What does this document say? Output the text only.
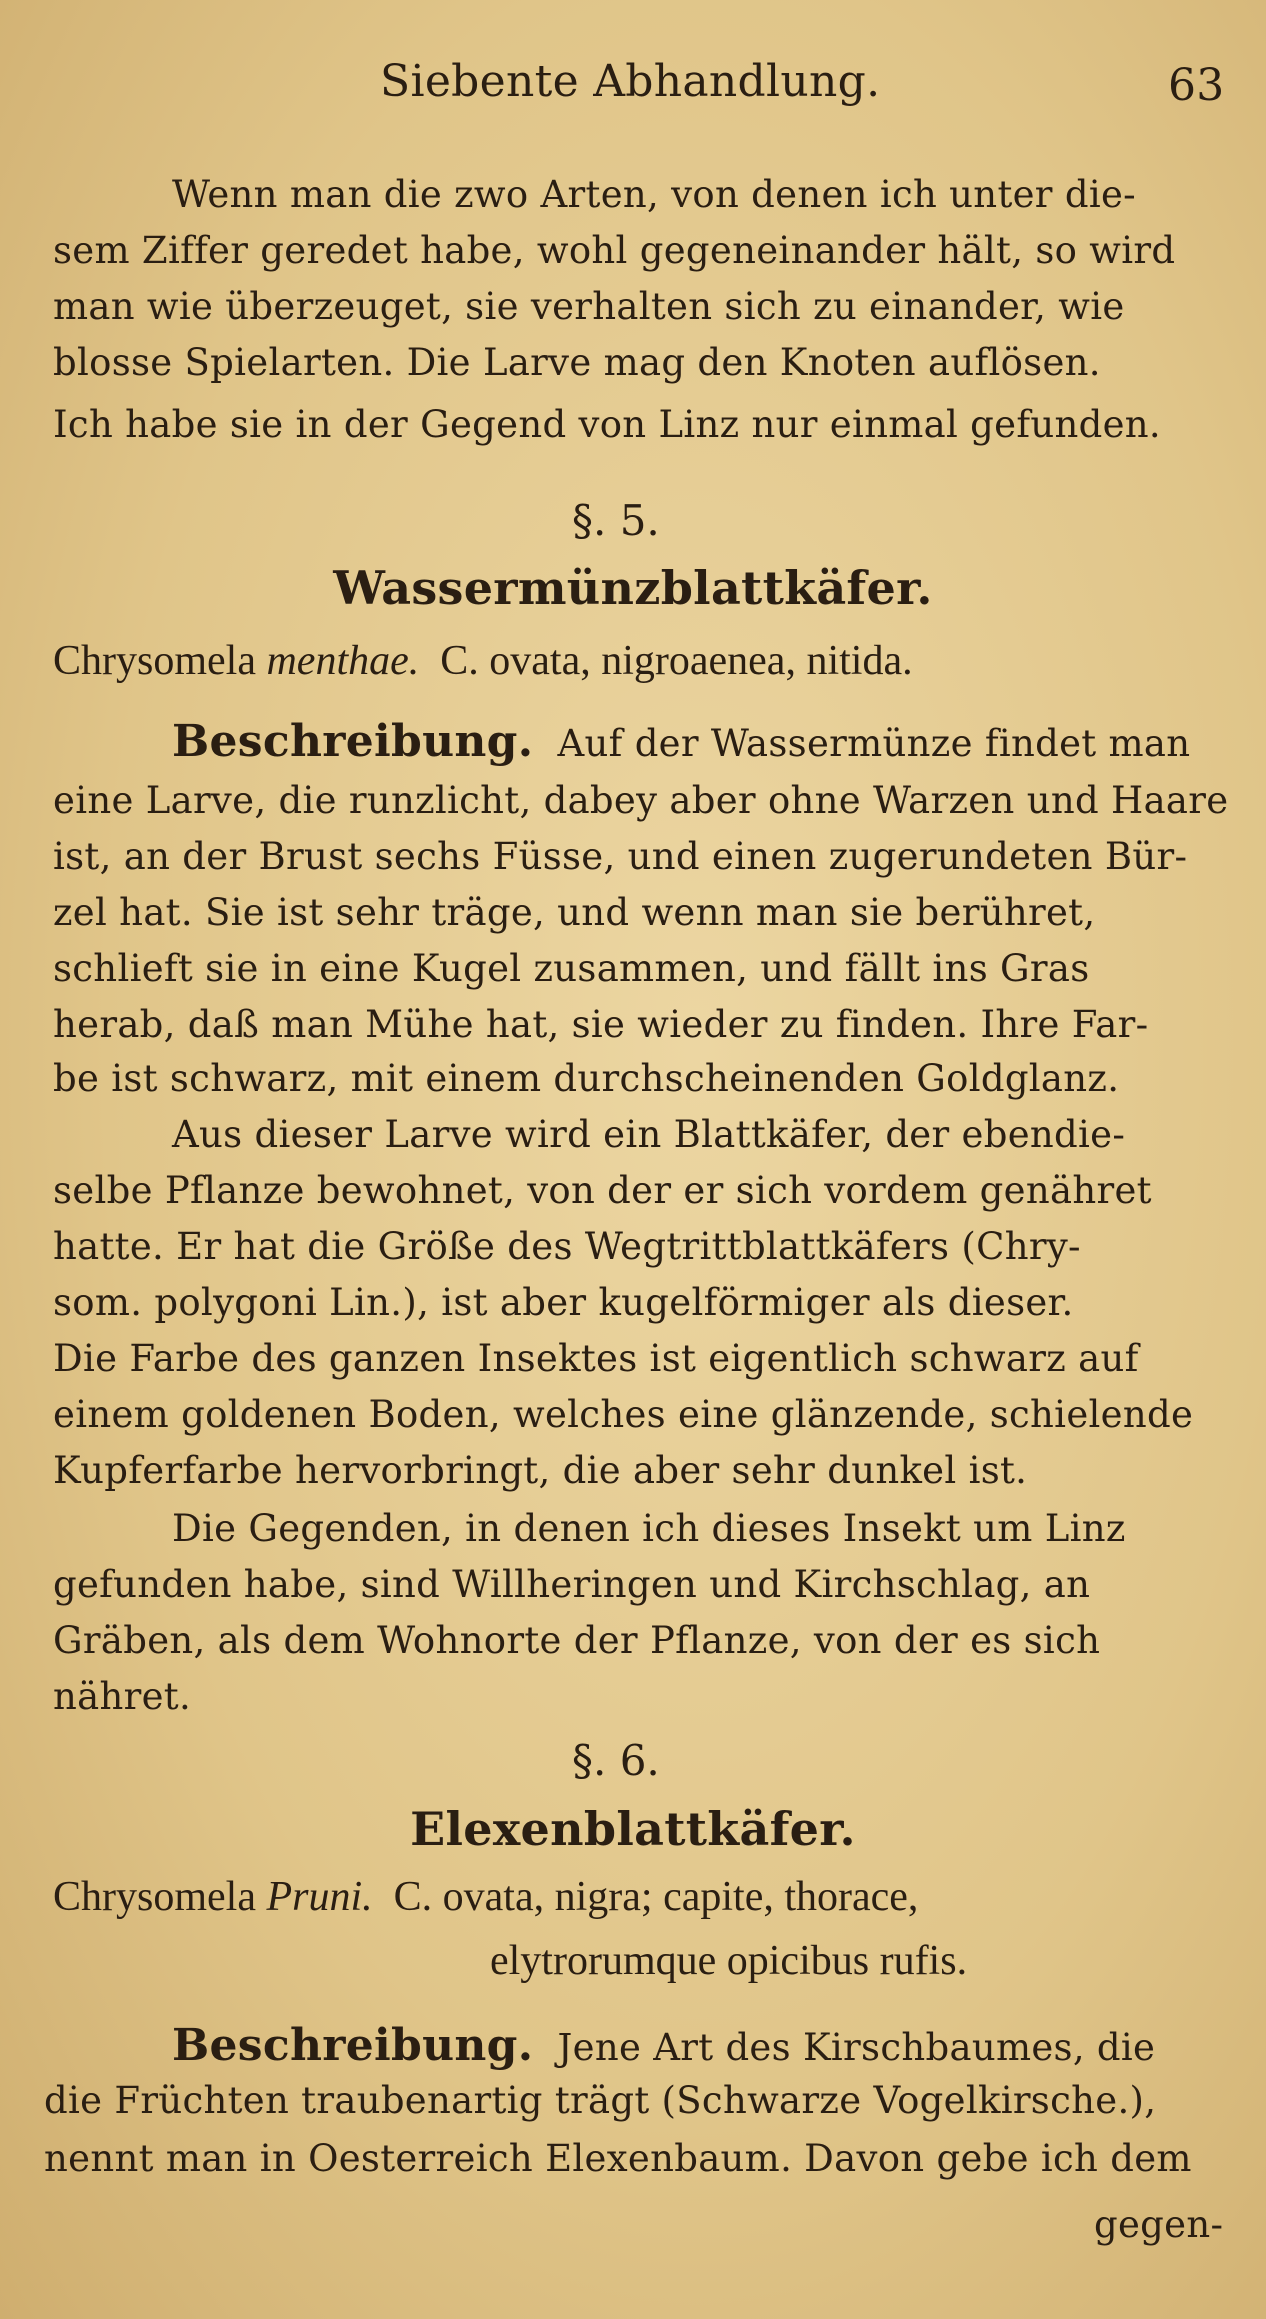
Siebente Abhandlung.	63
Wenn man die zwo Arten, von denen ich unter die-
sem Ziffer geredet habe, wohl gegeneinander hält, so wird
man wie überzeuget, sie verhalten sich zu einander, wie
blosse Spielarten. Die Larve mag den Knoten auflösen.
Ich habe sie in der Gegend von Linz nur einmal gefunden.
§. 5.
Wassermünzblattkäfer.
Chrysomela menthae. C. ovata, nigroaenea, nitida.
Beschreibung. Auf der Wassermünze findet man
eine Larve, die runzlicht, dabey aber ohne Warzen und Haare
ist, an der Brust sechs Füsse, und einen zugerundeten Bür-
zel hat. Sie ist sehr träge, und wenn man sie berühret,
schlieft sie in eine Kugel zusammen, und fällt ins Gras
herab, daß man Mühe hat, sie wieder zu finden. Ihre Far-
be ist schwarz, mit einem durchscheinenden Goldglanz.
Aus dieser Larve wird ein Blattkäfer, der ebendie-
selbe Pflanze bewohnet, von der er sich vordem genähret
hatte. Er hat die Größe des Wegtrittblattkäfers (Chry-
som. polygoni Lin.), ist aber kugelförmiger als dieser.
Die Farbe des ganzen Insektes ist eigentlich schwarz auf
einem goldenen Boden, welches eine glänzende, schielende
Kupferfarbe hervorbringt, die aber sehr dunkel ist.
Die Gegenden, in denen ich dieses Insekt um Linz
gefunden habe, sind Willheringen und Kirchschlag, an
Gräben, als dem Wohnorte der Pflanze, von der es sich
nähret.
§. 6.
Elexenblattkäfer.
Chrysomela Pruni. C. ovata, nigra; capite, thorace,
elytrorumque opicibus rufis.
Beschreibung. Jene Art des Kirschbaumes, die
die Früchten traubenartig trägt (Schwarze Vogelkirsche.),
nennt man in Oesterreich Elexenbaum. Davon gebe ich dem
gegen-
